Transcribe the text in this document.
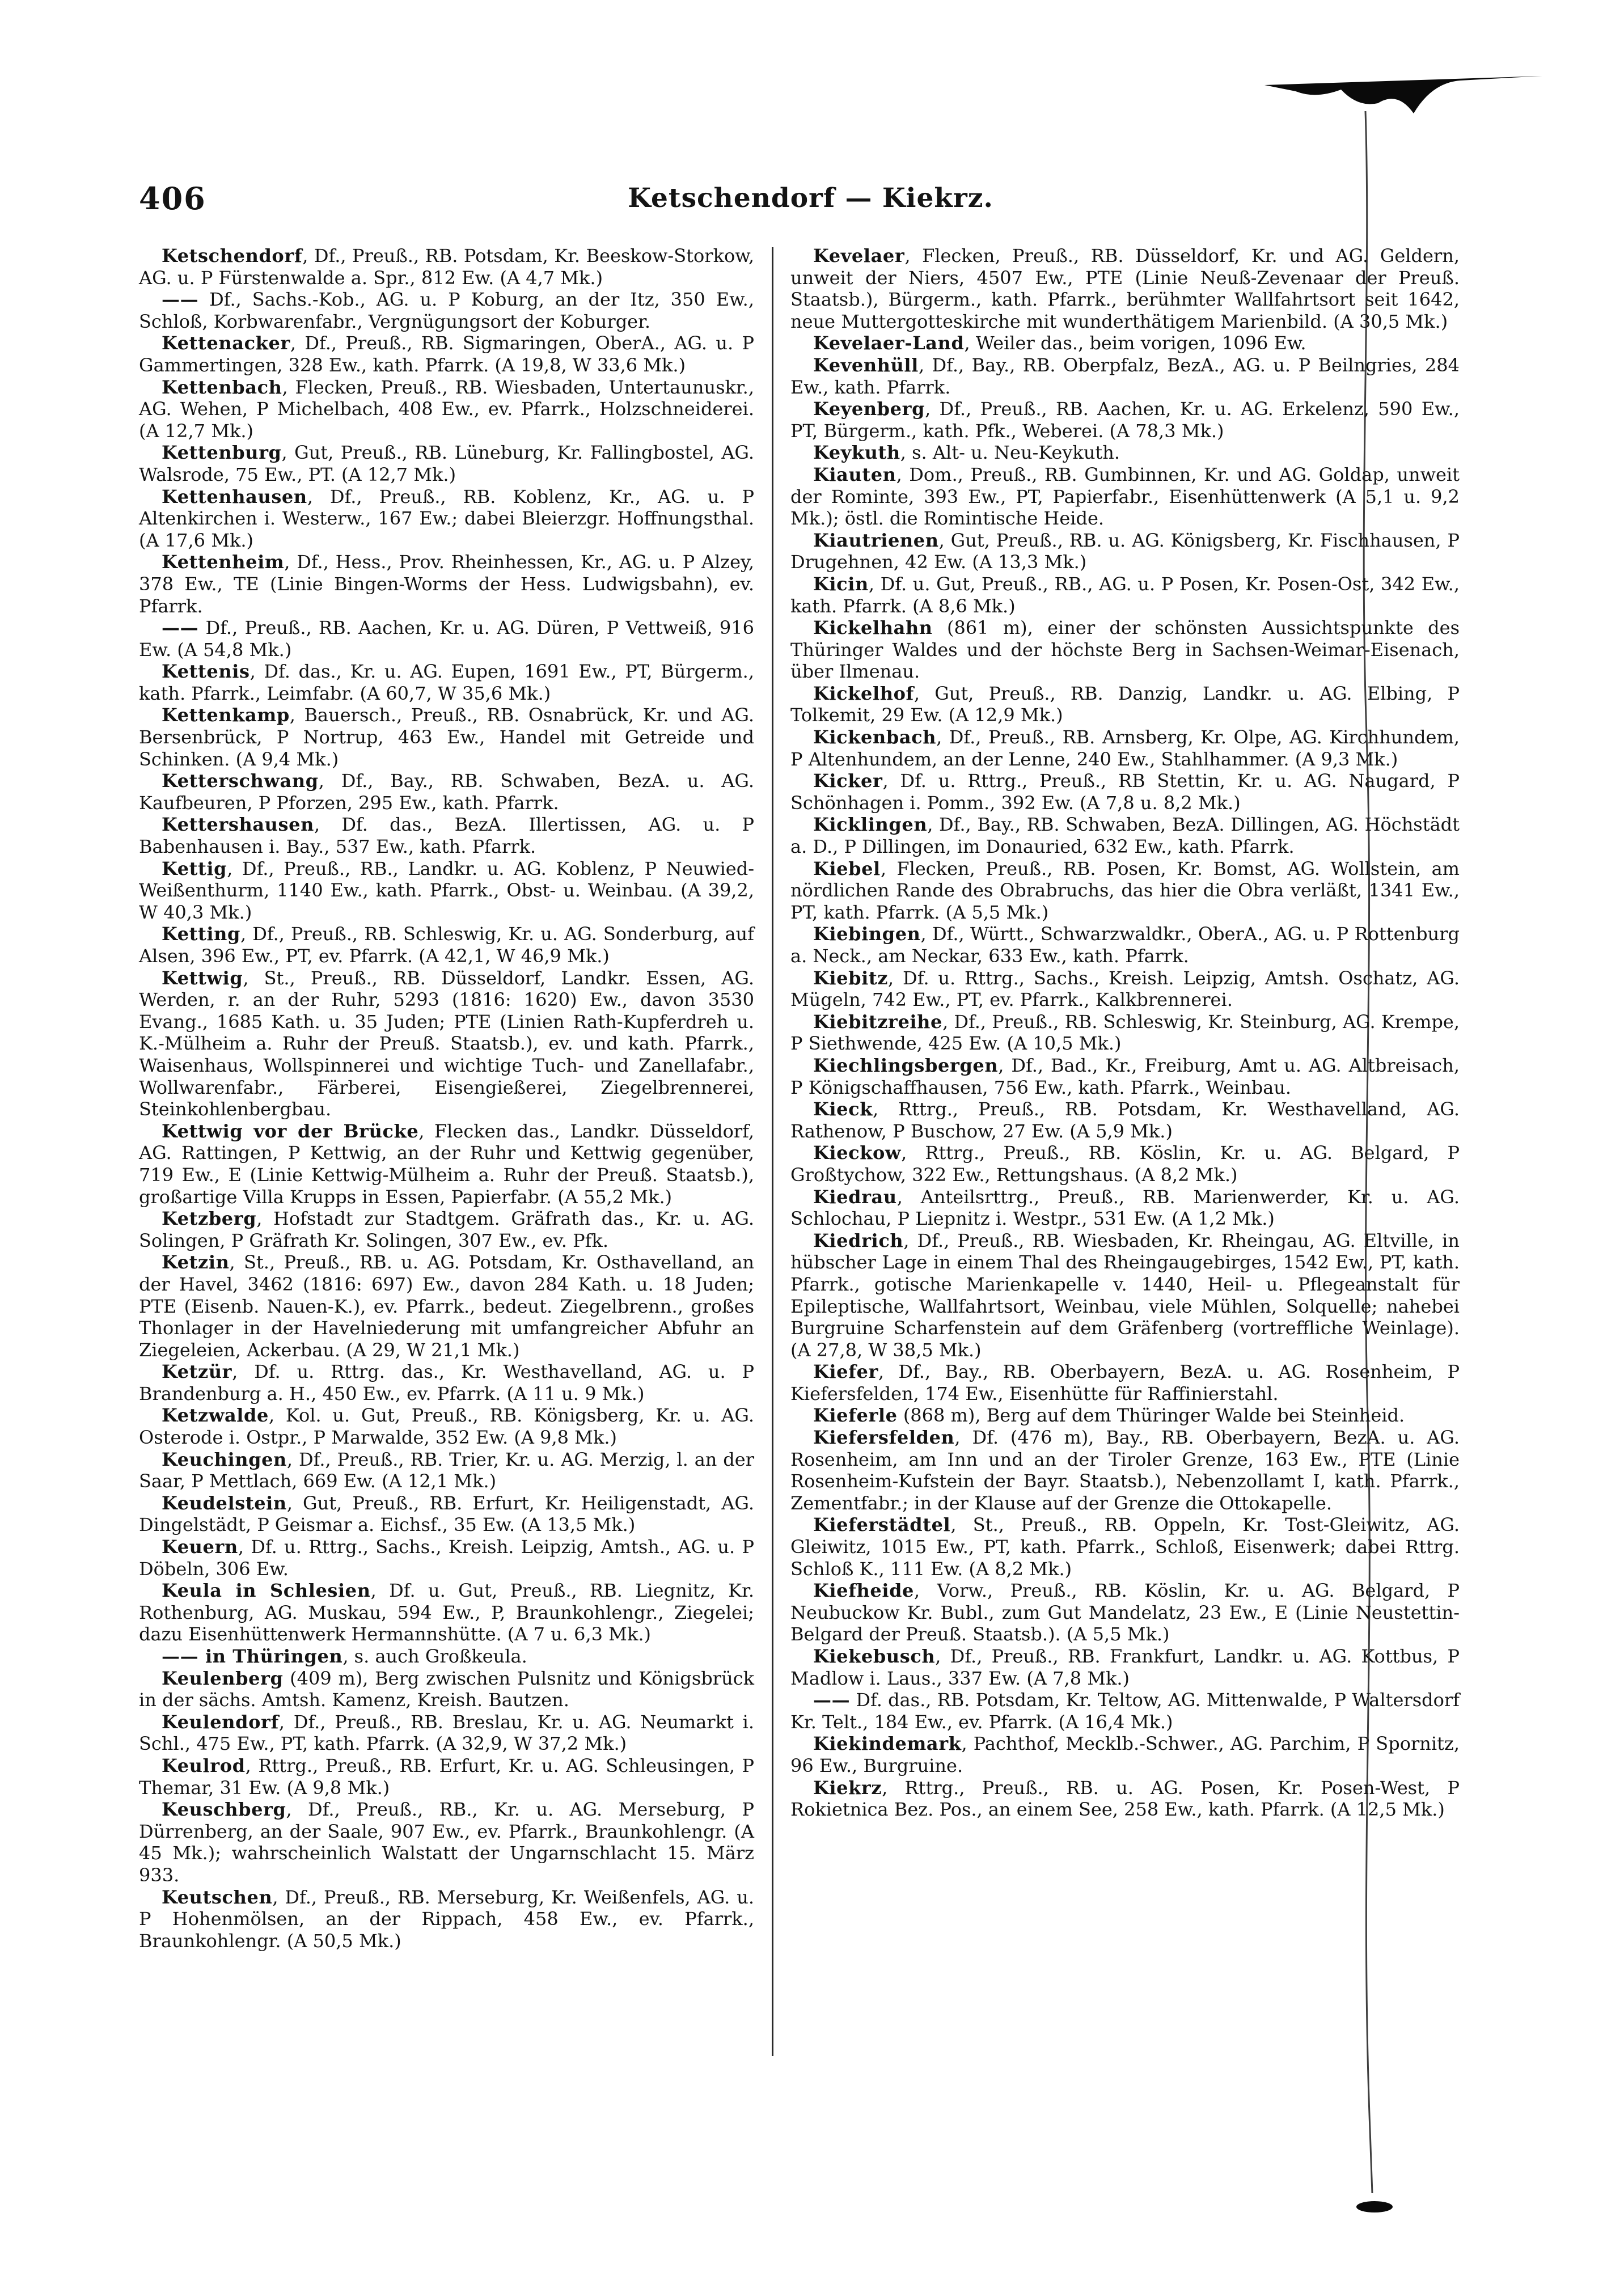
406	Ketschendorf — Kiekrz.

Ketschendorf, Df., Preuß., RB. Potsdam, Kr. Beeskow-Storkow, AG. u. P Fürstenwalde a. Spr., 812 Ew. (A 4,7 Mk.)

—— Df., Sachs.-Kob., AG. u. P Koburg, an der Itz, 350 Ew., Schloß, Korbwarenfabr., Vergnügungsort der Koburger.

Kettenacker, Df., Preuß., RB. Sigmaringen, OberA., AG. u. P Gammertingen, 328 Ew., kath. Pfarrk. (A 19,8, W 33,6 Mk.)

Kettenbach, Flecken, Preuß., RB. Wiesbaden, Untertaunuskr., AG. Wehen, P Michelbach, 408 Ew., ev. Pfarrk., Holzschneiderei. (A 12,7 Mk.)

Kettenburg, Gut, Preuß., RB. Lüneburg, Kr. Fallingbostel, AG. Walsrode, 75 Ew., PT. (A 12,7 Mk.)

Kettenhausen, Df., Preuß., RB. Koblenz, Kr., AG. u. P Altenkirchen i. Westerw., 167 Ew.; dabei Bleierzgr. Hoffnungsthal. (A 17,6 Mk.)

Kettenheim, Df., Hess., Prov. Rheinhessen, Kr., AG. u. P Alzey, 378 Ew., TE (Linie Bingen-Worms der Hess. Ludwigsbahn), ev. Pfarrk.

—— Df., Preuß., RB. Aachen, Kr. u. AG. Düren, P Vettweiß, 916 Ew. (A 54,8 Mk.)

Kettenis, Df. das., Kr. u. AG. Eupen, 1691 Ew., PT, Bürgerm., kath. Pfarrk., Leimfabr. (A 60,7, W 35,6 Mk.)

Kettenkamp, Bauersch., Preuß., RB. Osnabrück, Kr. und AG. Bersenbrück, P Nortrup, 463 Ew., Handel mit Getreide und Schinken. (A 9,4 Mk.)

Ketterschwang, Df., Bay., RB. Schwaben, BezA. u. AG. Kaufbeuren, P Pforzen, 295 Ew., kath. Pfarrk.

Kettershausen, Df. das., BezA. Illertissen, AG. u. P Babenhausen i. Bay., 537 Ew., kath. Pfarrk.

Kettig, Df., Preuß., RB., Landkr. u. AG. Koblenz, P Neuwied-Weißenthurm, 1140 Ew., kath. Pfarrk., Obst- u. Weinbau. (A 39,2, W 40,3 Mk.)

Ketting, Df., Preuß., RB. Schleswig, Kr. u. AG. Sonderburg, auf Alsen, 396 Ew., PT, ev. Pfarrk. (A 42,1, W 46,9 Mk.)

Kettwig, St., Preuß., RB. Düsseldorf, Landkr. Essen, AG. Werden, r. an der Ruhr, 5293 (1816: 1620) Ew., davon 3530 Evang., 1685 Kath. u. 35 Juden; PTE (Linien Rath-Kupferdreh u. K.-Mülheim a. Ruhr der Preuß. Staatsb.), ev. und kath. Pfarrk., Waisenhaus, Wollspinnerei und wichtige Tuch- und Zanellafabr., Wollwarenfabr., Färberei, Eisengießerei, Ziegelbrennerei, Steinkohlenbergbau.

Kettwig vor der Brücke, Flecken das., Landkr. Düsseldorf, AG. Rattingen, P Kettwig, an der Ruhr und Kettwig gegenüber, 719 Ew., E (Linie Kettwig-Mülheim a. Ruhr der Preuß. Staatsb.), großartige Villa Krupps in Essen, Papierfabr. (A 55,2 Mk.)

Ketzberg, Hofstadt zur Stadtgem. Gräfrath das., Kr. u. AG. Solingen, P Gräfrath Kr. Solingen, 307 Ew., ev. Pfk.

Ketzin, St., Preuß., RB. u. AG. Potsdam, Kr. Osthavelland, an der Havel, 3462 (1816: 697) Ew., davon 284 Kath. u. 18 Juden; PTE (Eisenb. Nauen-K.), ev. Pfarrk., bedeut. Ziegelbrenn., großes Thonlager in der Havelniederung mit umfangreicher Abfuhr an Ziegeleien, Ackerbau. (A 29, W 21,1 Mk.)

Ketzür, Df. u. Rttrg. das., Kr. Westhavelland, AG. u. P Brandenburg a. H., 450 Ew., ev. Pfarrk. (A 11 u. 9 Mk.)

Ketzwalde, Kol. u. Gut, Preuß., RB. Königsberg, Kr. u. AG. Osterode i. Ostpr., P Marwalde, 352 Ew. (A 9,8 Mk.)

Keuchingen, Df., Preuß., RB. Trier, Kr. u. AG. Merzig, l. an der Saar, P Mettlach, 669 Ew. (A 12,1 Mk.)

Keudelstein, Gut, Preuß., RB. Erfurt, Kr. Heiligenstadt, AG. Dingelstädt, P Geismar a. Eichsf., 35 Ew. (A 13,5 Mk.)

Keuern, Df. u. Rttrg., Sachs., Kreish. Leipzig, Amtsh., AG. u. P Döbeln, 306 Ew.

Keula in Schlesien, Df. u. Gut, Preuß., RB. Liegnitz, Kr. Rothenburg, AG. Muskau, 594 Ew., P, Braunkohlengr., Ziegelei; dazu Eisenhüttenwerk Hermannshütte. (A 7 u. 6,3 Mk.)

—— in Thüringen, s. auch Großkeula.

Keulenberg (409 m), Berg zwischen Pulsnitz und Königsbrück in der sächs. Amtsh. Kamenz, Kreish. Bautzen.

Keulendorf, Df., Preuß., RB. Breslau, Kr. u. AG. Neumarkt i. Schl., 475 Ew., PT, kath. Pfarrk. (A 32,9, W 37,2 Mk.)

Keulrod, Rttrg., Preuß., RB. Erfurt, Kr. u. AG. Schleusingen, P Themar, 31 Ew. (A 9,8 Mk.)

Keuschberg, Df., Preuß., RB., Kr. u. AG. Merseburg, P Dürrenberg, an der Saale, 907 Ew., ev. Pfarrk., Braunkohlengr. (A 45 Mk.); wahrscheinlich Walstatt der Ungarnschlacht 15. März 933.

Keutschen, Df., Preuß., RB. Merseburg, Kr. Weißenfels, AG. u. P Hohenmölsen, an der Rippach, 458 Ew., ev. Pfarrk., Braunkohlengr. (A 50,5 Mk.)

Kevelaer, Flecken, Preuß., RB. Düsseldorf, Kr. und AG. Geldern, unweit der Niers, 4507 Ew., PTE (Linie Neuß-Zevenaar der Preuß. Staatsb.), Bürgerm., kath. Pfarrk., berühmter Wallfahrtsort seit 1642, neue Muttergotteskirche mit wunderthätigem Marienbild. (A 30,5 Mk.)

Kevelaer-Land, Weiler das., beim vorigen, 1096 Ew.

Kevenhüll, Df., Bay., RB. Oberpfalz, BezA., AG. u. P Beilngries, 284 Ew., kath. Pfarrk.

Keyenberg, Df., Preuß., RB. Aachen, Kr. u. AG. Erkelenz, 590 Ew., PT, Bürgerm., kath. Pfk., Weberei. (A 78,3 Mk.)

Keykuth, s. Alt- u. Neu-Keykuth.

Kiauten, Dom., Preuß., RB. Gumbinnen, Kr. und AG. Goldap, unweit der Rominte, 393 Ew., PT, Papierfabr., Eisenhüttenwerk (A 5,1 u. 9,2 Mk.); östl. die Romintische Heide.

Kiautrienen, Gut, Preuß., RB. u. AG. Königsberg, Kr. Fischhausen, P Drugehnen, 42 Ew. (A 13,3 Mk.)

Kicin, Df. u. Gut, Preuß., RB., AG. u. P Posen, Kr. Posen-Ost, 342 Ew., kath. Pfarrk. (A 8,6 Mk.)

Kickelhahn (861 m), einer der schönsten Aussichtspunkte des Thüringer Waldes und der höchste Berg in Sachsen-Weimar-Eisenach, über Ilmenau.

Kickelhof, Gut, Preuß., RB. Danzig, Landkr. u. AG. Elbing, P Tolkemit, 29 Ew. (A 12,9 Mk.)

Kickenbach, Df., Preuß., RB. Arnsberg, Kr. Olpe, AG. Kirchhundem, P Altenhundem, an der Lenne, 240 Ew., Stahlhammer. (A 9,3 Mk.)

Kicker, Df. u. Rttrg., Preuß., RB Stettin, Kr. u. AG. Naugard, P Schönhagen i. Pomm., 392 Ew. (A 7,8 u. 8,2 Mk.)

Kicklingen, Df., Bay., RB. Schwaben, BezA. Dillingen, AG. Höchstädt a. D., P Dillingen, im Donauried, 632 Ew., kath. Pfarrk.

Kiebel, Flecken, Preuß., RB. Posen, Kr. Bomst, AG. Wollstein, am nördlichen Rande des Obrabruchs, das hier die Obra verläßt, 1341 Ew., PT, kath. Pfarrk. (A 5,5 Mk.)

Kiebingen, Df., Württ., Schwarzwaldkr., OberA., AG. u. P Rottenburg a. Neck., am Neckar, 633 Ew., kath. Pfarrk.

Kiebitz, Df. u. Rttrg., Sachs., Kreish. Leipzig, Amtsh. Oschatz, AG. Mügeln, 742 Ew., PT, ev. Pfarrk., Kalkbrennerei.

Kiebitzreihe, Df., Preuß., RB. Schleswig, Kr. Steinburg, AG. Krempe, P Siethwende, 425 Ew. (A 10,5 Mk.)

Kiechlingsbergen, Df., Bad., Kr., Freiburg, Amt u. AG. Altbreisach, P Königschaffhausen, 756 Ew., kath. Pfarrk., Weinbau.

Kieck, Rttrg., Preuß., RB. Potsdam, Kr. Westhavelland, AG. Rathenow, P Buschow, 27 Ew. (A 5,9 Mk.)

Kieckow, Rttrg., Preuß., RB. Köslin, Kr. u. AG. Belgard, P Großtychow, 322 Ew., Rettungshaus. (A 8,2 Mk.)

Kiedrau, Anteilsrttrg., Preuß., RB. Marienwerder, Kr. u. AG. Schlochau, P Liepnitz i. Westpr., 531 Ew. (A 1,2 Mk.)

Kiedrich, Df., Preuß., RB. Wiesbaden, Kr. Rheingau, AG. Eltville, in hübscher Lage in einem Thal des Rheingaugebirges, 1542 Ew., PT, kath. Pfarrk., gotische Marienkapelle v. 1440, Heil- u. Pflegeanstalt für Epileptische, Wallfahrtsort, Weinbau, viele Mühlen, Solquelle; nahebei Burgruine Scharfenstein auf dem Gräfenberg (vortreffliche Weinlage). (A 27,8, W 38,5 Mk.)

Kiefer, Df., Bay., RB. Oberbayern, BezA. u. AG. Rosenheim, P Kiefersfelden, 174 Ew., Eisenhütte für Raffinierstahl.

Kieferle (868 m), Berg auf dem Thüringer Walde bei Steinheid.

Kiefersfelden, Df. (476 m), Bay., RB. Oberbayern, BezA. u. AG. Rosenheim, am Inn und an der Tiroler Grenze, 163 Ew., PTE (Linie Rosenheim-Kufstein der Bayr. Staatsb.), Nebenzollamt I, kath. Pfarrk., Zementfabr.; in der Klause auf der Grenze die Ottokapelle.

Kieferstädtel, St., Preuß., RB. Oppeln, Kr. Tost-Gleiwitz, AG. Gleiwitz, 1015 Ew., PT, kath. Pfarrk., Schloß, Eisenwerk; dabei Rttrg. Schloß K., 111 Ew. (A 8,2 Mk.)

Kiefheide, Vorw., Preuß., RB. Köslin, Kr. u. AG. Belgard, P Neubuckow Kr. Bubl., zum Gut Mandelatz, 23 Ew., E (Linie Neustettin-Belgard der Preuß. Staatsb.). (A 5,5 Mk.)

Kiekebusch, Df., Preuß., RB. Frankfurt, Landkr. u. AG. Kottbus, P Madlow i. Laus., 337 Ew. (A 7,8 Mk.)

—— Df. das., RB. Potsdam, Kr. Teltow, AG. Mittenwalde, P Waltersdorf Kr. Telt., 184 Ew., ev. Pfarrk. (A 16,4 Mk.)

Kiekindemark, Pachthof, Mecklb.-Schwer., AG. Parchim, P Spornitz, 96 Ew., Burgruine.

Kiekrz, Rttrg., Preuß., RB. u. AG. Posen, Kr. Posen-West, P Rokietnica Bez. Pos., an einem See, 258 Ew., kath. Pfarrk. (A 12,5 Mk.)
